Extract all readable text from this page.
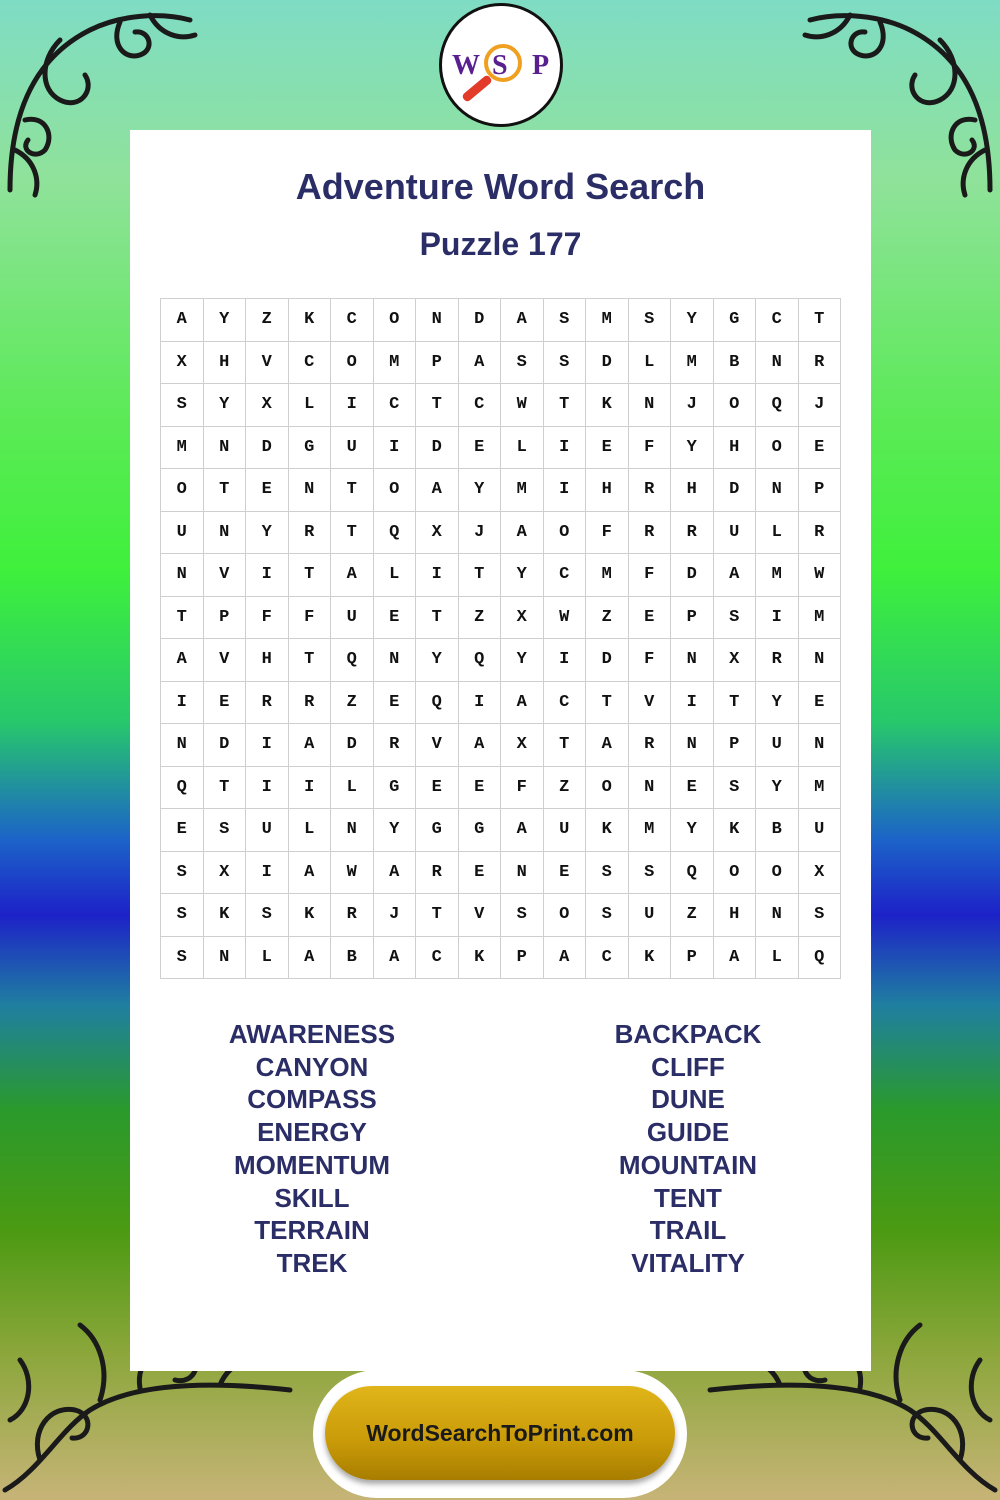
W S P
Adventure Word Search
Puzzle 177
A	Y	Z	K	C	O	N	D	A	S	M	S	Y	G	C	T
X	H	V	C	O	M	P	A	S	S	D	L	M	B	N	R
S	Y	X	L	I	C	T	C	W	T	K	N	J	O	Q	J
M	N	D	G	U	I	D	E	L	I	E	F	Y	H	O	E
O	T	E	N	T	O	A	Y	M	I	H	R	H	D	N	P
U	N	Y	R	T	Q	X	J	A	O	F	R	R	U	L	R
N	V	I	T	A	L	I	T	Y	C	M	F	D	A	M	W
T	P	F	F	U	E	T	Z	X	W	Z	E	P	S	I	M
A	V	H	T	Q	N	Y	Q	Y	I	D	F	N	X	R	N
I	E	R	R	Z	E	Q	I	A	C	T	V	I	T	Y	E
N	D	I	A	D	R	V	A	X	T	A	R	N	P	U	N
Q	T	I	I	L	G	E	E	F	Z	O	N	E	S	Y	M
E	S	U	L	N	Y	G	G	A	U	K	M	Y	K	B	U
S	X	I	A	W	A	R	E	N	E	S	S	Q	O	O	X
S	K	S	K	R	J	T	V	S	O	S	U	Z	H	N	S
S	N	L	A	B	A	C	K	P	A	C	K	P	A	L	Q
AWARENESS
CANYON
COMPASS
ENERGY
MOMENTUM
SKILL
TERRAIN
TREK
BACKPACK
CLIFF
DUNE
GUIDE
MOUNTAIN
TENT
TRAIL
VITALITY
WordSearchToPrint.com
